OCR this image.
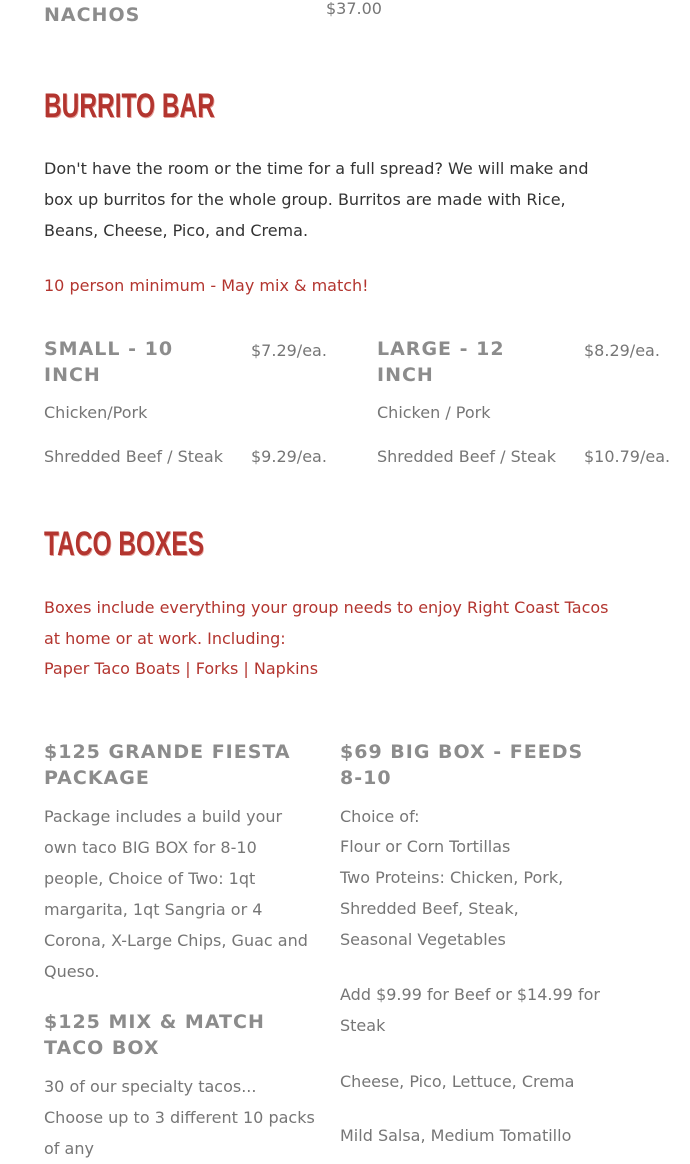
NACHOS	$37.00
BURRITO BAR
Don't have the room or the time for a full spread? We will make and box up burritos for the whole group. Burritos are made with Rice, Beans, Cheese, Pico, and Crema.
10 person minimum - May mix & match!
SMALL - 10 INCH
$7.29/ea.
Chicken/Pork
Shredded Beef / Steak $9.29/ea.
LARGE - 12 INCH
$8.29/ea.
Chicken / Pork
Shredded Beef / Steak $10.79/ea.
TACO BOXES
Boxes include everything your group needs to enjoy Right Coast Tacos at home or at work. Including:
Paper Taco Boats | Forks | Napkins
$125 GRANDE FIESTA PACKAGE
Package includes a build your own taco BIG BOX for 8-10 people, Choice of Two: 1qt margarita, 1qt Sangria or 4 Corona, X-Large Chips, Guac and Queso.
$125 MIX & MATCH TACO BOX
30 of our specialty tacos... Choose up to 3 different 10 packs of any
$69 BIG BOX - FEEDS 8-10
Choice of:
Flour or Corn Tortillas
Two Proteins: Chicken, Pork, Shredded Beef, Steak, Seasonal Vegetables
Add $9.99 for Beef or $14.99 for Steak
Cheese, Pico, Lettuce, Crema
Mild Salsa, Medium Tomatillo
